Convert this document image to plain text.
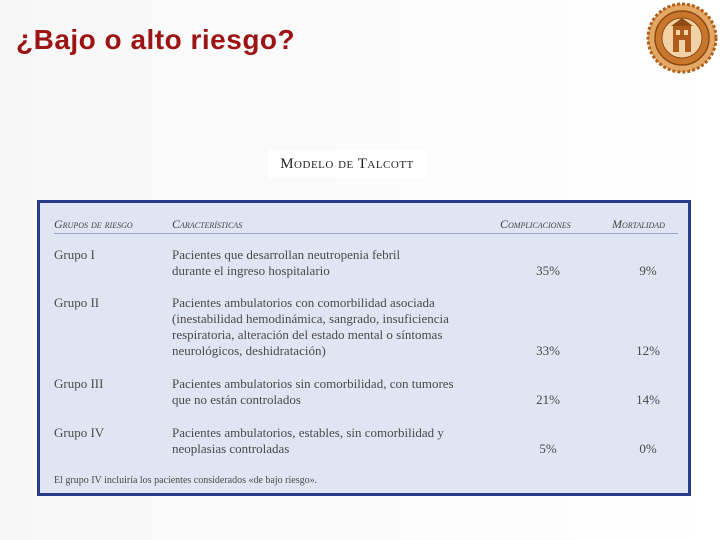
¿Bajo o alto riesgo?
Modelo de Talcott
Grupos de riesgo	Características	Complicaciones	Mortalidad
Grupo I	Pacientes que desarrollan neutropenia febril
durante el ingreso hospitalario	35%	9%
Grupo II	Pacientes ambulatorios con comorbilidad asociada
(inestabilidad hemodinámica, sangrado, insuficiencia
respiratoria, alteración del estado mental o síntomas
neurológicos, deshidratación)	33%	12%
Grupo III	Pacientes ambulatorios sin comorbilidad, con tumores
que no están controlados	21%	14%
Grupo IV	Pacientes ambulatorios, estables, sin comorbilidad y
neoplasias controladas	5%	0%
El grupo IV incluiría los pacientes considerados «de bajo riesgo».
